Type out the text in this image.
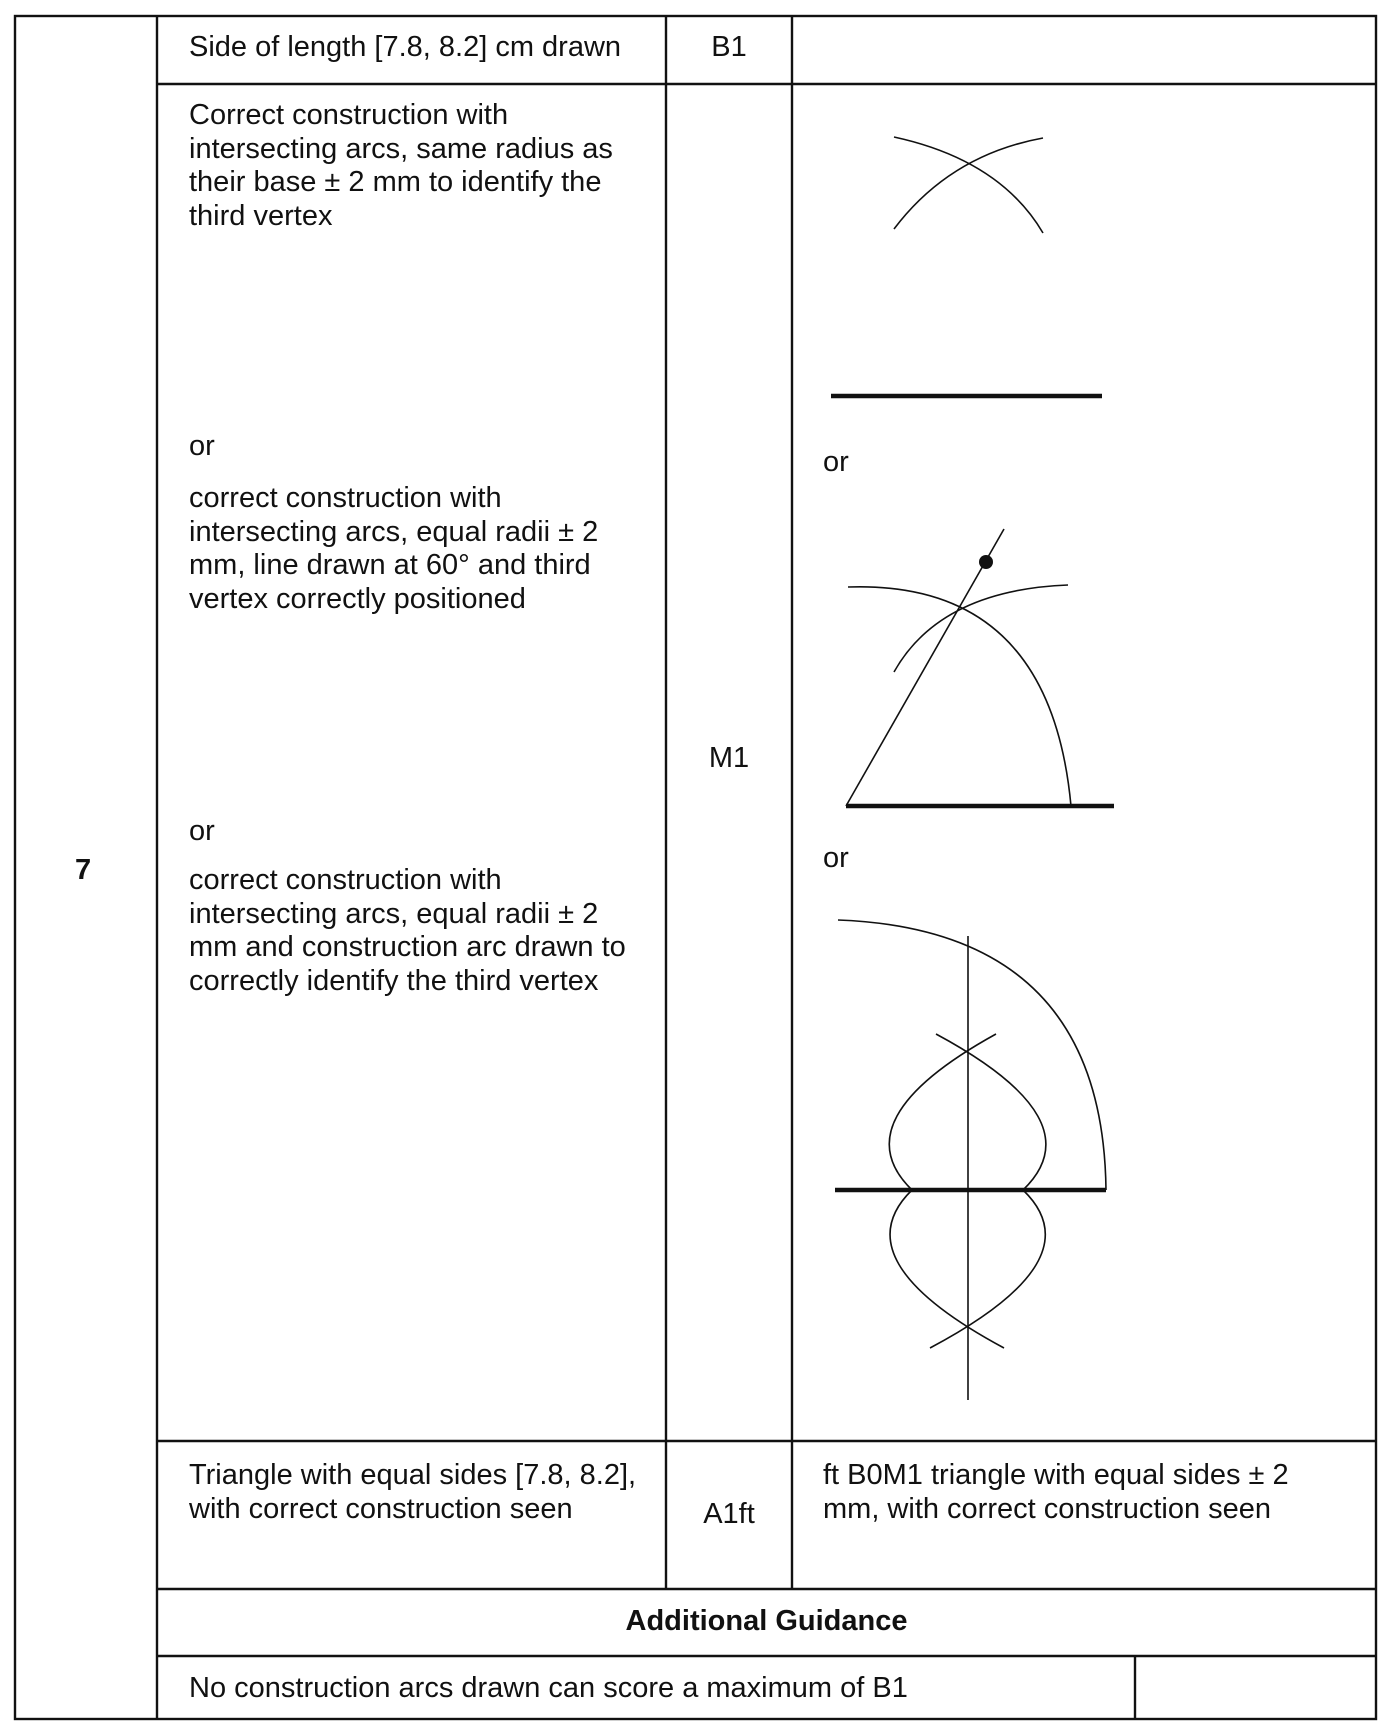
7
Side of length [7.8, 8.2] cm drawn	B1
Correct construction with
intersecting arcs, same radius as
their base ± 2 mm to identify the
third vertex
or
correct construction with
intersecting arcs, equal radii ± 2
mm, line drawn at 60° and third
vertex correctly positioned
or
correct construction with
intersecting arcs, equal radii ± 2
mm and construction arc drawn to
correctly identify the third vertex
M1
or
or
Triangle with equal sides [7.8, 8.2],
with correct construction seen	A1ft
ft B0M1 triangle with equal sides ± 2
mm, with correct construction seen
Additional Guidance
No construction arcs drawn can score a maximum of B1
